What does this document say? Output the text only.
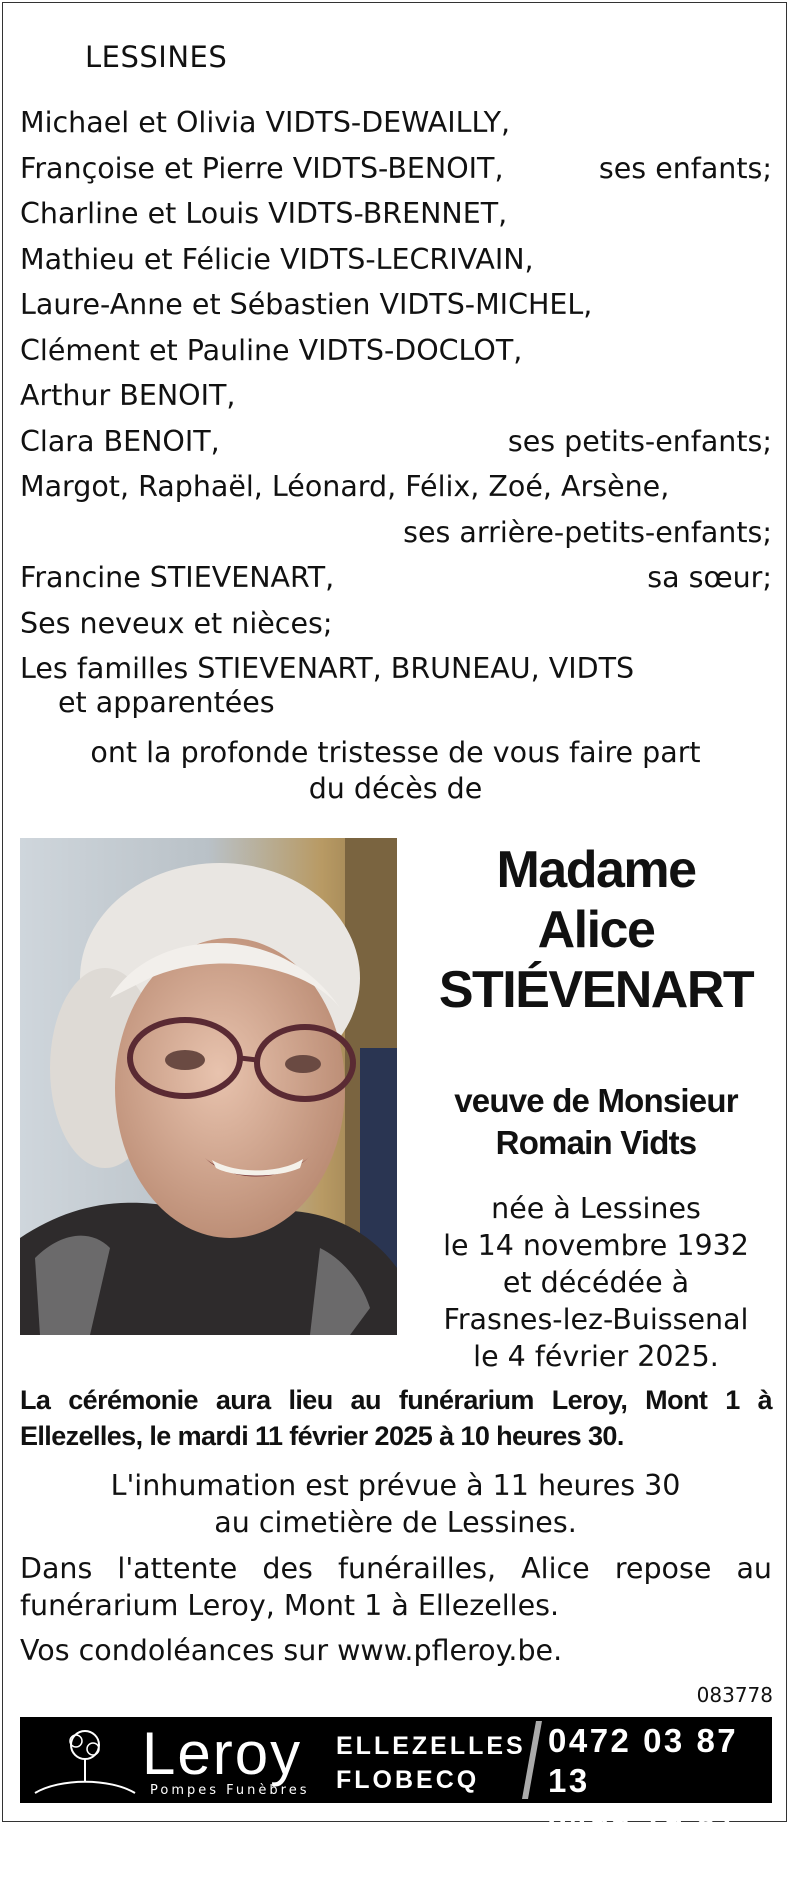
LESSINES
Michael et Olivia VIDTS-DEWAILLY,
Françoise et Pierre VIDTS-BENOIT,	ses enfants;
Charline et Louis VIDTS-BRENNET,
Mathieu et Félicie VIDTS-LECRIVAIN,
Laure-Anne et Sébastien VIDTS-MICHEL,
Clément et Pauline VIDTS-DOCLOT,
Arthur BENOIT,
Clara BENOIT,	ses petits-enfants;
Margot, Raphaël, Léonard, Félix, Zoé, Arsène,
ses arrière-petits-enfants;
Francine STIEVENART,	sa sœur;
Ses neveux et nièces;
Les familles STIEVENART, BRUNEAU, VIDTS
et apparentées
ont la profonde tristesse de vous faire part
du décès de
Madame
Alice
STIÉVENART
veuve de Monsieur
Romain Vidts
née à Lessines
le 14 novembre 1932
et décédée à
Frasnes-lez-Buissenal
le 4 février 2025.
La cérémonie aura lieu au funérarium Leroy, Mont 1 à Ellezelles, le mardi 11 février 2025 à 10 heures 30.
L'inhumation est prévue à 11 heures 30
au cimetière de Lessines.
Dans l'attente des funérailles, Alice repose au funérarium Leroy, Mont 1 à Ellezelles.
Vos condoléances sur www.pfleroy.be.
083778
Leroy
Pompes Funèbres
ELLEZELLES
FLOBECQ
0472 03 87 13
0499 19 87 14
